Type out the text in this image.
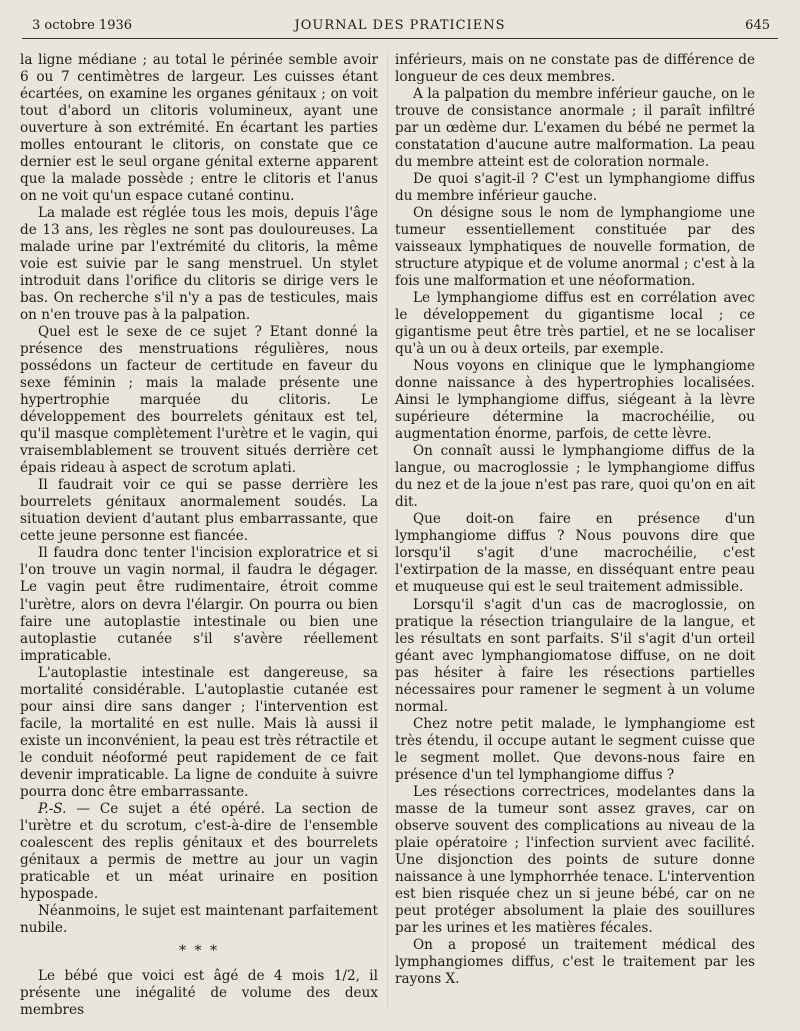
3 octobre 1936	JOURNAL DES PRATICIENS	645

la ligne médiane ; au total le périnée semble avoir 6 ou 7 centimètres de largeur. Les cuisses étant écartées, on examine les organes génitaux ; on voit tout d'abord un clitoris volumineux, ayant une ouverture à son extrémité. En écartant les parties molles entourant le clitoris, on constate que ce dernier est le seul organe génital externe apparent que la malade possède ; entre le clitoris et l'anus on ne voit qu'un espace cutané continu.

La malade est réglée tous les mois, depuis l'âge de 13 ans, les règles ne sont pas douloureuses. La malade urine par l'extrémité du clitoris, la même voie est suivie par le sang menstruel. Un stylet introduit dans l'orifice du clitoris se dirige vers le bas. On recherche s'il n'y a pas de testicules, mais on n'en trouve pas à la palpation.

Quel est le sexe de ce sujet ? Etant donné la présence des menstruations régulières, nous possédons un facteur de certitude en faveur du sexe féminin ; mais la malade présente une hypertrophie marquée du clitoris. Le développement des bourrelets génitaux est tel, qu'il masque complètement l'urètre et le vagin, qui vraisemblablement se trouvent situés derrière cet épais rideau à aspect de scrotum aplati.

Il faudrait voir ce qui se passe derrière les bourrelets génitaux anormalement soudés. La situation devient d'autant plus embarrassante, que cette jeune personne est fiancée.

Il faudra donc tenter l'incision exploratrice et si l'on trouve un vagin normal, il faudra le dégager. Le vagin peut être rudimentaire, étroit comme l'urètre, alors on devra l'élargir. On pourra ou bien faire une autoplastie intestinale ou bien une autoplastie cutanée s'il s'avère réellement impraticable.

L'autoplastie intestinale est dangereuse, sa mortalité considérable. L'autoplastie cutanée est pour ainsi dire sans danger ; l'intervention est facile, la mortalité en est nulle. Mais là aussi il existe un inconvénient, la peau est très rétractile et le conduit néoformé peut rapidement de ce fait devenir impraticable. La ligne de conduite à suivre pourra donc être embarrassante.

P.-S. — Ce sujet a été opéré. La section de l'urètre et du scrotum, c'est-à-dire de l'ensemble coalescent des replis génitaux et des bourrelets génitaux a permis de mettre au jour un vagin praticable et un méat urinaire en position hypospade.

Néanmoins, le sujet est maintenant parfaitement nubile.

* * *

Le bébé que voici est âgé de 4 mois 1/2, il présente une inégalité de volume des deux membres

inférieurs, mais on ne constate pas de différence de longueur de ces deux membres.

A la palpation du membre inférieur gauche, on le trouve de consistance anormale ; il paraît infiltré par un œdème dur. L'examen du bébé ne permet la constatation d'aucune autre malformation. La peau du membre atteint est de coloration normale.

De quoi s'agit-il ? C'est un lymphangiome diffus du membre inférieur gauche.

On désigne sous le nom de lymphangiome une tumeur essentiellement constituée par des vaisseaux lymphatiques de nouvelle formation, de structure atypique et de volume anormal ; c'est à la fois une malformation et une néoformation.

Le lymphangiome diffus est en corrélation avec le développement du gigantisme local ; ce gigantisme peut être très partiel, et ne se localiser qu'à un ou à deux orteils, par exemple.

Nous voyons en clinique que le lymphangiome donne naissance à des hypertrophies localisées. Ainsi le lymphangiome diffus, siégeant à la lèvre supérieure détermine la macrochéilie, ou augmentation énorme, parfois, de cette lèvre.

On connaît aussi le lymphangiome diffus de la langue, ou macroglossie ; le lymphangiome diffus du nez et de la joue n'est pas rare, quoi qu'on en ait dit.

Que doit-on faire en présence d'un lymphangiome diffus ? Nous pouvons dire que lorsqu'il s'agit d'une macrochéilie, c'est l'extirpation de la masse, en disséquant entre peau et muqueuse qui est le seul traitement admissible.

Lorsqu'il s'agit d'un cas de macroglossie, on pratique la résection triangulaire de la langue, et les résultats en sont parfaits. S'il s'agit d'un orteil géant avec lymphangiomatose diffuse, on ne doit pas hésiter à faire les résections partielles nécessaires pour ramener le segment à un volume normal.

Chez notre petit malade, le lymphangiome est très étendu, il occupe autant le segment cuisse que le segment mollet. Que devons-nous faire en présence d'un tel lymphangiome diffus ?

Les résections correctrices, modelantes dans la masse de la tumeur sont assez graves, car on observe souvent des complications au niveau de la plaie opératoire ; l'infection survient avec facilité. Une disjonction des points de suture donne naissance à une lymphorrhée tenace. L'intervention est bien risquée chez un si jeune bébé, car on ne peut protéger absolument la plaie des souillures par les urines et les matières fécales.

On a proposé un traitement médical des lymphangiomes diffus, c'est le traitement par les rayons X.
